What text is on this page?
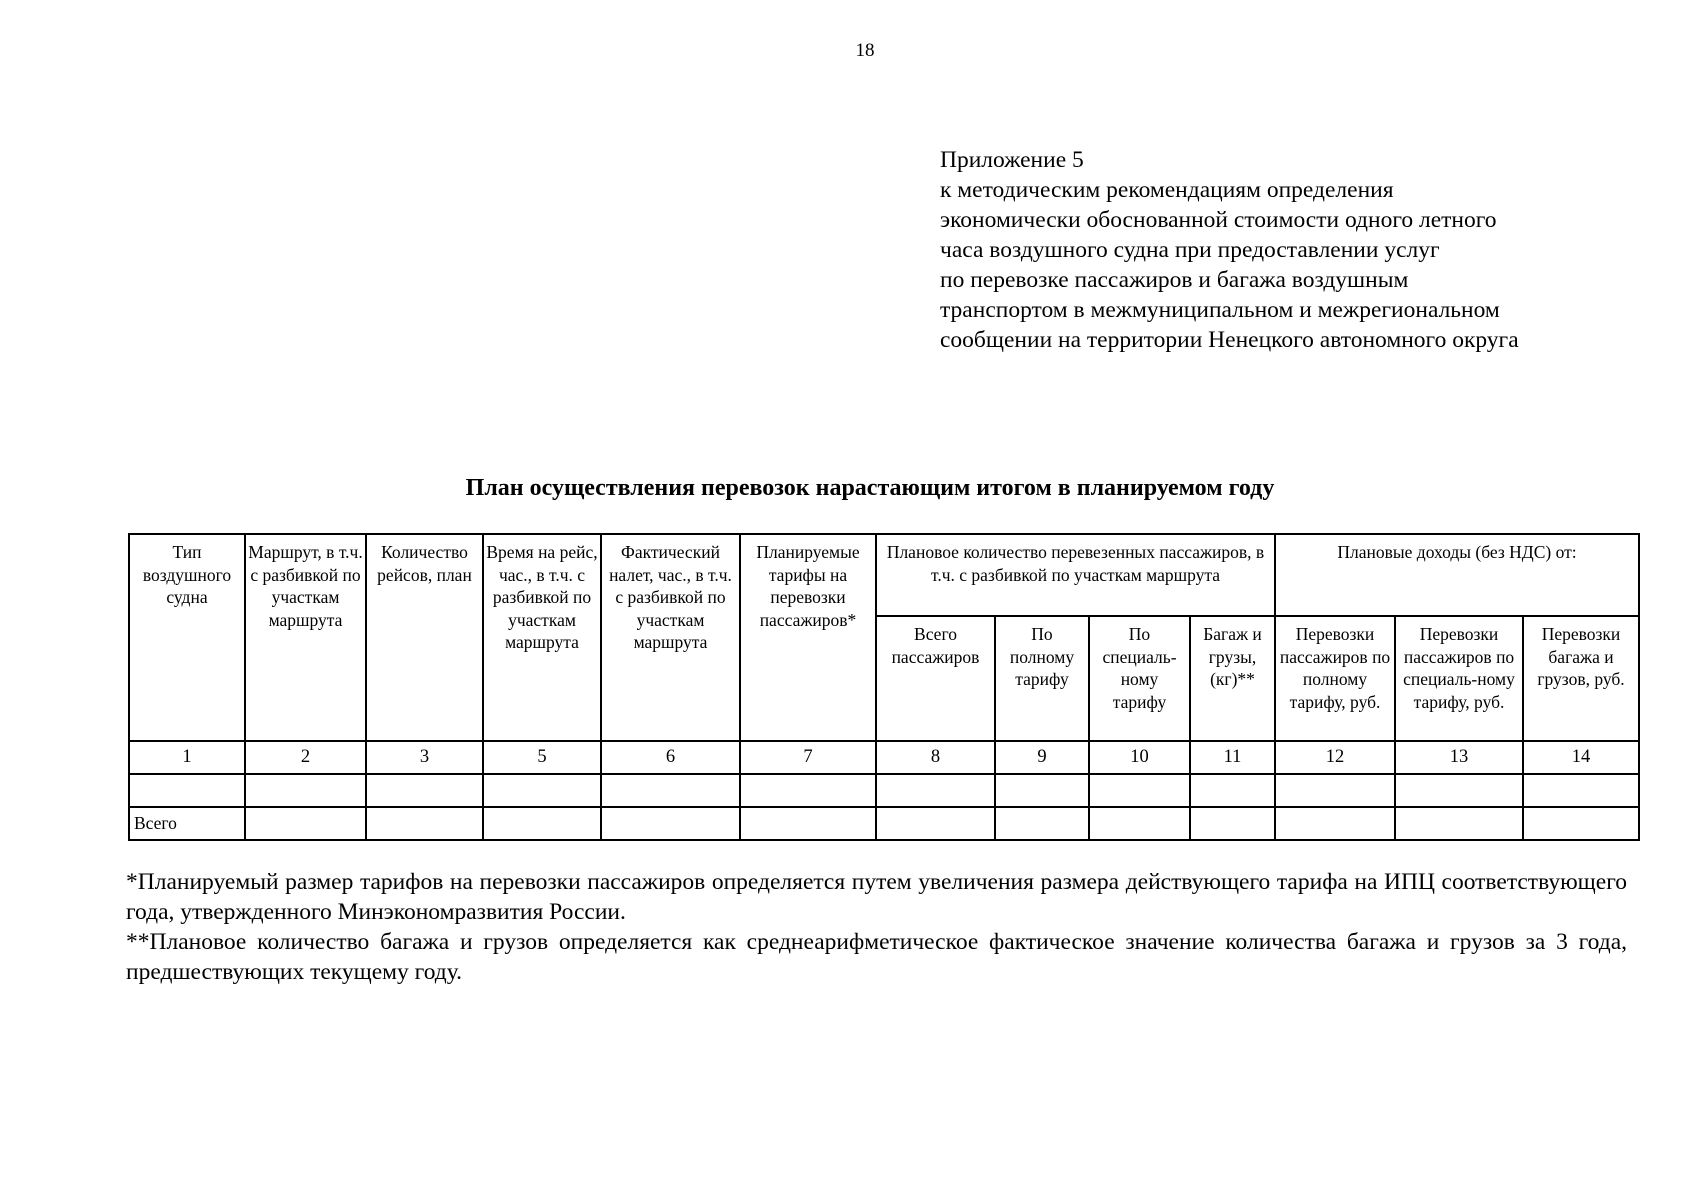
18
Приложение 5
к методическим рекомендациям определения
экономически обоснованной стоимости одного летного
часа воздушного судна при предоставлении услуг
по перевозке пассажиров и багажа воздушным
транспортом в межмуниципальном и межрегиональном
сообщении на территории Ненецкого автономного округа
План осуществления перевозок нарастающим итогом в планируемом году
Тип воздушного судна	Маршрут, в т.ч. с разбивкой по участкам маршрута	Количество рейсов, план	Время на рейс, час., в т.ч. с разбивкой по участкам маршрута	Фактический налет, час., в т.ч. с разбивкой по участкам маршрута	Планируемые тарифы на перевозки пассажиров*	Плановое количество перевезенных пассажиров, в т.ч. с разбивкой по участкам маршрута				Плановые доходы (без НДС) от:		
						Всего пассажиров	По полному тарифу	По специаль-ному тарифу	Багаж и грузы, (кг)**	Перевозки пассажиров по полному тарифу, руб.	Перевозки пассажиров по специаль-ному тарифу, руб.	Перевозки багажа и грузов, руб.
1	2	3	5	6	7	8	9	10	11	12	13	14

Всего												

*Планируемый размер тарифов на перевозки пассажиров определяется путем увеличения размера действующего тарифа на ИПЦ соответствующего года, утвержденного Минэкономразвития России.

**Плановое количество багажа и грузов определяется как среднеарифметическое фактическое значение количества багажа и грузов за 3 года, предшествующих текущему году.
